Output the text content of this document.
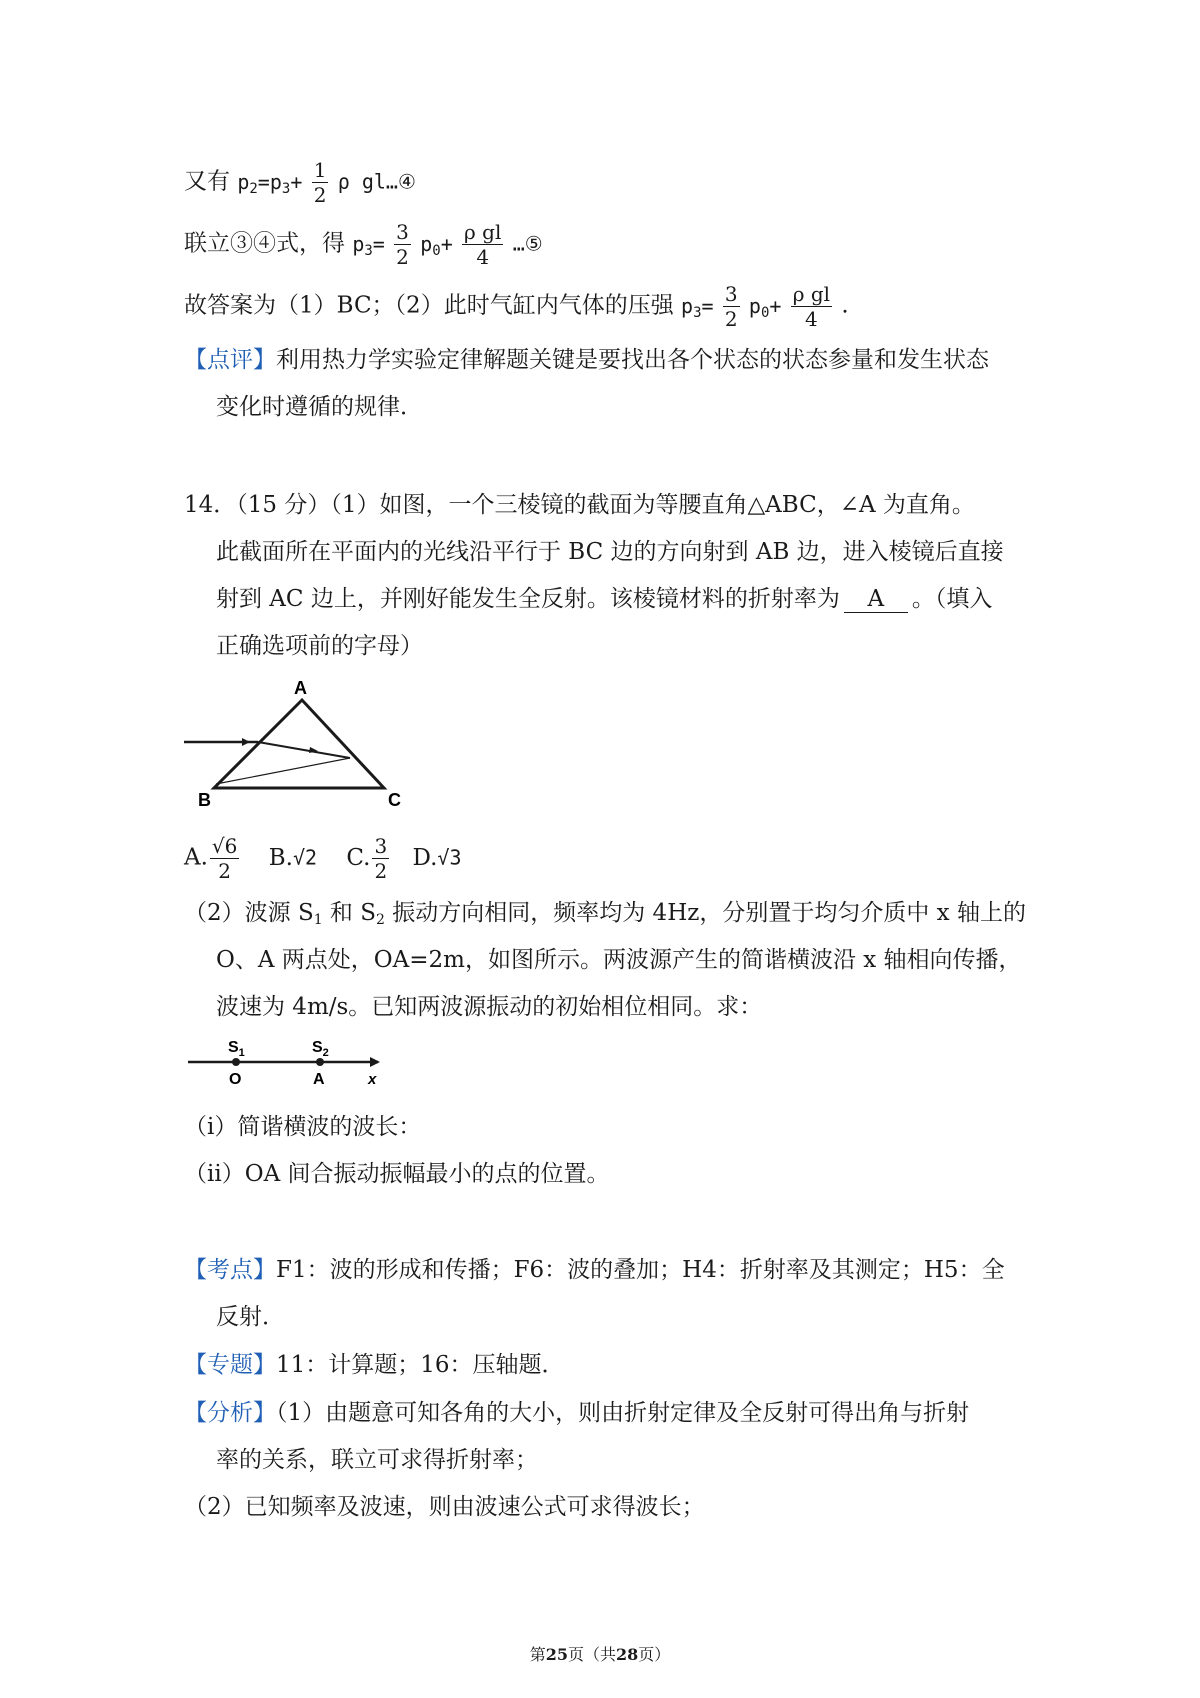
又有 $p_2=p_3+ \frac{1}{2}$ ρ gl…④
联立③④式，得 $p_3= \frac{3}{2} p_0+ \frac{\text{ρ gl}}{4}$ …⑤
故答案为（1）BC；（2）此时气缸内气体的压强 $p_3= \frac{3}{2} p_0+ \frac{\text{ρ gl}}{4}$ .
【点评】利用热力学实验定律解题关键是要找出各个状态的状态参量和发生状态
变化时遵循的规律．
14．（15 分）（1）如图，一个三棱镜的截面为等腰直角△ABC，∠A 为直角。
此截面所在平面内的光线沿平行于 BC 边的方向射到 AB 边，进入棱镜后直接
射到 AC 边上，并刚好能发生全反射。该棱镜材料的折射率为 A 。（填入
正确选项前的字母）
A
B	C
A. $\frac{√6}{2} B.√2$ C. $\frac{3}{2} D.√3$
（2）波源 $S_1$ 和 $S_2$ 振动方向相同，频率均为 4Hz，分别置于均匀介质中 x 轴上的
O、A 两点处，OA=2m，如图所示。两波源产生的简谐横波沿 x 轴相向传播，
波速为 4m/s。已知两波源振动的初始相位相同。求：
$S_1$	$S_2$
O	A	x
（i）简谐横波的波长：
（ii）OA 间合振动振幅最小的点的位置。
【考点】F1：波的形成和传播；F6：波的叠加；H4：折射率及其测定；H5：全
反射．
【专题】11：计算题；16：压轴题．
【分析】（1）由题意可知各角的大小，则由折射定律及全反射可得出角与折射
率的关系，联立可求得折射率；
（2）已知频率及波速，则由波速公式可求得波长；
第25页（共28页）
